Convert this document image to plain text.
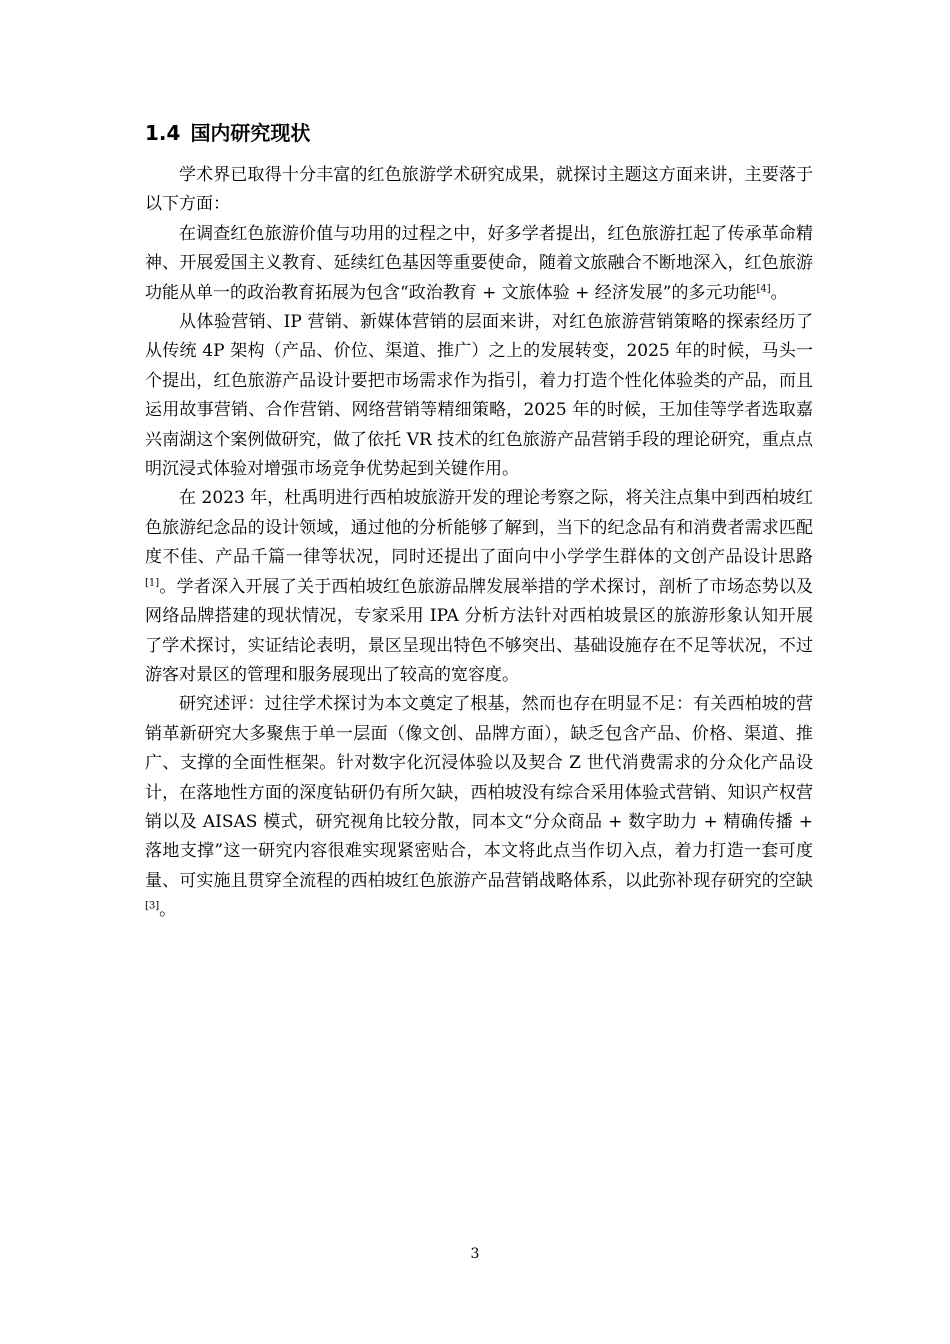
1.4 国内研究现状

学术界已取得十分丰富的红色旅游学术研究成果，就探讨主题这方面来讲，主要落于以下方面：

在调查红色旅游价值与功用的过程之中，好多学者提出，红色旅游扛起了传承革命精神、开展爱国主义教育、延续红色基因等重要使命，随着文旅融合不断地深入，红色旅游功能从单一的政治教育拓展为包含“政治教育 + 文旅体验 + 经济发展”的多元功能[4]。

从体验营销、IP 营销、新媒体营销的层面来讲，对红色旅游营销策略的探索经历了从传统 4P 架构（产品、价位、渠道、推广）之上的发展转变，2025 年的时候，马头一个提出，红色旅游产品设计要把市场需求作为指引，着力打造个性化体验类的产品，而且运用故事营销、合作营销、网络营销等精细策略，2025 年的时候，王加佳等学者选取嘉兴南湖这个案例做研究，做了依托 VR 技术的红色旅游产品营销手段的理论研究，重点点明沉浸式体验对增强市场竞争优势起到关键作用。

在 2023 年，杜禹明进行西柏坡旅游开发的理论考察之际，将关注点集中到西柏坡红色旅游纪念品的设计领域，通过他的分析能够了解到，当下的纪念品有和消费者需求匹配度不佳、产品千篇一律等状况，同时还提出了面向中小学学生群体的文创产品设计思路[1]。学者深入开展了关于西柏坡红色旅游品牌发展举措的学术探讨，剖析了市场态势以及网络品牌搭建的现状情况，专家采用 IPA 分析方法针对西柏坡景区的旅游形象认知开展了学术探讨，实证结论表明，景区呈现出特色不够突出、基础设施存在不足等状况，不过游客对景区的管理和服务展现出了较高的宽容度。

研究述评：过往学术探讨为本文奠定了根基，然而也存在明显不足：有关西柏坡的营销革新研究大多聚焦于单一层面（像文创、品牌方面），缺乏包含产品、价格、渠道、推广、支撑的全面性框架。针对数字化沉浸体验以及契合 Z 世代消费需求的分众化产品设计，在落地性方面的深度钻研仍有所欠缺，西柏坡没有综合采用体验式营销、知识产权营销以及 AISAS 模式，研究视角比较分散，同本文“分众商品 + 数字助力 + 精确传播 + 落地支撑”这一研究内容很难实现紧密贴合，本文将此点当作切入点，着力打造一套可度量、可实施且贯穿全流程的西柏坡红色旅游产品营销战略体系，以此弥补现存研究的空缺[3]。

3
